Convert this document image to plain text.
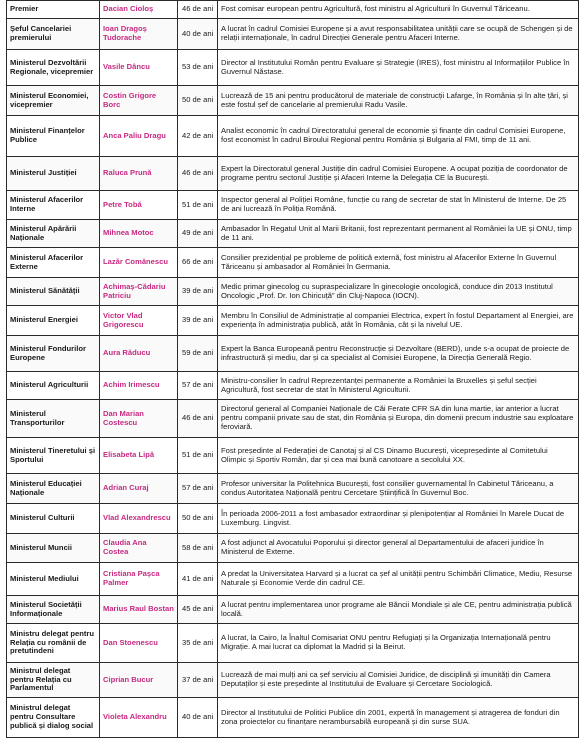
Premier	Dacian Cioloș	46 de ani	Fost comisar european pentru Agricultură, fost ministru al Agriculturii în Guvernul Tăriceanu.
Șeful Cancelariei premierului	Ioan Dragoș Tudorache	40 de ani	A lucrat în cadrul Comisiei Europene și a avut responsabilitatea unității care se ocupă de Schengen și de relații internaționale, în cadrul Direcției Generale pentru Afaceri Interne.
Ministerul Dezvoltării Regionale, vicepremier	Vasile Dâncu	53 de ani	Director al Institutului Român pentru Evaluare și Strategie (IRES), fost ministru al Informațiilor Publice în Guvernul Năstase.
Ministerul Economiei, vicepremier	Costin Grigore Borc	50 de ani	Lucrează de 15 ani pentru producătorul de materiale de construcții Lafarge, în România și în alte țări, și este fostul șef de cancelarie al premierului Radu Vasile.
Ministerul Finanțelor Publice	Anca Paliu Dragu	42 de ani	Analist economic în cadrul Directoratului general de economie și finanțe din cadrul Comisiei Europene, fost economist în cadrul Biroului Regional pentru România și Bulgaria al FMI, timp de 11 ani.
Ministerul Justiției	Raluca Prună	46 de ani	Expert la Directoratul general Justiție din cadrul Comisiei Europene. A ocupat poziția de coordonator de programe pentru sectorul Justiție și Afaceri Interne la Delegația CE la București.
Ministerul Afacerilor Interne	Petre Tobă	51 de ani	Inspector general al Poliției Române, funcție cu rang de secretar de stat în MInisterul de Interne. De 25 de ani lucrează în Poliția Română.
Ministerul Apărării Naționale	Mihnea Motoc	49 de ani	Ambasador în Regatul Unit al Marii Britanii, fost reprezentant permanent al României la UE și ONU, timp de 11 ani.
Ministerul Afacerilor Externe	Lazăr Comănescu	66 de ani	Consilier prezidențial pe probleme de politică externă, fost ministru al Afacerilor Externe în Guvernul Tăriceanu și ambasador al României în Germania.
Ministerul Sănătății	Achimaș-Cădariu Patriciu	39 de ani	Medic primar ginecolog cu supraspecializare în ginecologie oncologică, conduce din 2013 Institutul Oncologic „Prof. Dr. Ion Chiricuță” din Cluj-Napoca (IOCN).
Ministerul Energiei	Victor Vlad Grigorescu	39 de ani	Membru în Consiliul de Administrație al companiei Electrica, expert în fostul Departament al Energiei, are experiența în administrația publică, atât în România, cât și la nivelul UE.
Ministerul Fondurilor Europene	Aura Răducu	59 de ani	Expert la Banca Europeană pentru Reconstrucție și Dezvoltare (BERD), unde s-a ocupat de proiecte de infrastructură și mediu, dar și ca specialist al Comisiei Europene, la Direcția Generală Regio.
Ministerul Agriculturii	Achim Irimescu	57 de ani	Ministru-consilier în cadrul Reprezentanței permanente a României la Bruxelles și șeful secției Agricultură, fost secretar de stat în Ministerul Agriculturii.
Ministerul Transporturilor	Dan Marian Costescu	46 de ani	Directorul general al Companiei Naționale de Căi Ferate CFR SA din luna martie, iar anterior a lucrat pentru companii private sau de stat, din România și Europa, din domenii precum industrie sau exploatare feroviară.
Ministerul Tineretului și Sportului	Elisabeta Lipă	51 de ani	Fost președinte al Federației de Canotaj și al CS Dinamo București, vicepreședinte al Comitetului Olimpic și Sportiv Român, dar și cea mai bună canotoare a secolului XX.
Ministerul Educației Naționale	Adrian Curaj	57 de ani	Profesor universitar la Politehnica București, fost consilier guvernamental în Cabinetul Tăriceanu, a condus Autoritatea Națională pentru Cercetare Științifică în Guvernul Boc.
Ministerul Culturii	Vlad Alexandrescu	50 de ani	În perioada 2006-2011 a fost ambasador extraordinar și plenipotențiar al României în Marele Ducat de Luxemburg. Lingvist.
Ministerul Muncii	Claudia Ana Costea	58 de ani	A fost adjunct al Avocatului Poporului și director general al Departamentului de afaceri juridice în Ministerul de Externe.
Ministerul Mediului	Cristiana Pașca Palmer	41 de ani	A predat la Universitatea Harvard și a lucrat ca șef al unității pentru Schimbări Climatice, Mediu, Resurse Naturale și Economie Verde din cadrul CE.
Ministerul Societății Informaționale	Marius Raul Bostan	45 de ani	A lucrat pentru implementarea unor programe ale Băncii Mondiale și ale CE, pentru administrația publică locală.
Ministru delegat pentru Relația cu românii de pretutindeni	Dan Stoenescu	35 de ani	A lucrat, la Cairo, la Înaltul Comisariat ONU pentru Refugiați și la Organizația Internațională pentru Migrație. A mai lucrat ca diplomat la Madrid și la Beirut.
Ministrul delegat pentru Relația cu Parlamentul	Ciprian Bucur	37 de ani	Lucrează de mai mulți ani ca șef serviciu al Comisiei Juridice, de disciplină și imunități din Camera Deputaților și este președinte al Institutului de Evaluare și Cercetare Sociologică.
Ministrul delegat pentru Consultare publică și dialog social	Violeta Alexandru	40 de ani	Director al Institutului de Politici Publice din 2001, expertă în management și atragerea de fonduri din zona proiectelor cu finanțare nerambursabilă europeană și din surse SUA.
